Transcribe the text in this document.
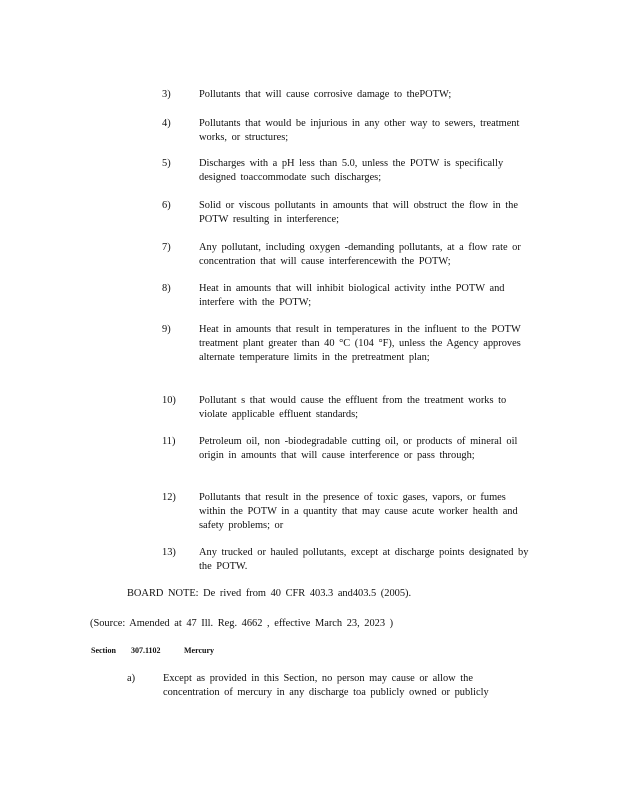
3)	Pollutants that will cause corrosive damage to thePOTW;
4)	Pollutants that would be injurious in any other way to sewers, treatment works, or structures;
5)	Discharges with a pH less than 5.0, unless the POTW is specifically designed toaccommodate such discharges;
6)	Solid or viscous pollutants in amounts that will obstruct the flow in the POTW resulting in interference;
7)	Any pollutant, including oxygen -demanding pollutants, at a flow rate or concentration that will cause interferencewith the POTW;
8)	Heat in amounts that will inhibit biological activity inthe POTW and interfere with the POTW;
9)	Heat in amounts that result in temperatures in the influent to the POTW treatment plant greater than 40 °C (104 °F), unless the Agency approves alternate temperature limits in the pretreatment plan;
10)	Pollutant s that would cause the effluent from the treatment works to violate applicable effluent standards;
11)	Petroleum oil, non -biodegradable cutting oil, or products of mineral oil origin in amounts that will cause interference or pass through;
12)	Pollutants that result in the presence of toxic gases, vapors, or fumes within the POTW in a quantity that may cause acute worker health and safety problems; or
13)	Any trucked or hauled pollutants, except at discharge points designated by the POTW.
BOARD NOTE: De rived from 40 CFR 403.3 and403.5 (2005).
(Source: Amended at 47 Ill. Reg. 4662 , effective March 23, 2023 )
Section 307.1102	Mercury
a)	Except as provided in this Section, no person may cause or allow the concentration of mercury in any discharge toa publicly owned or publicly
